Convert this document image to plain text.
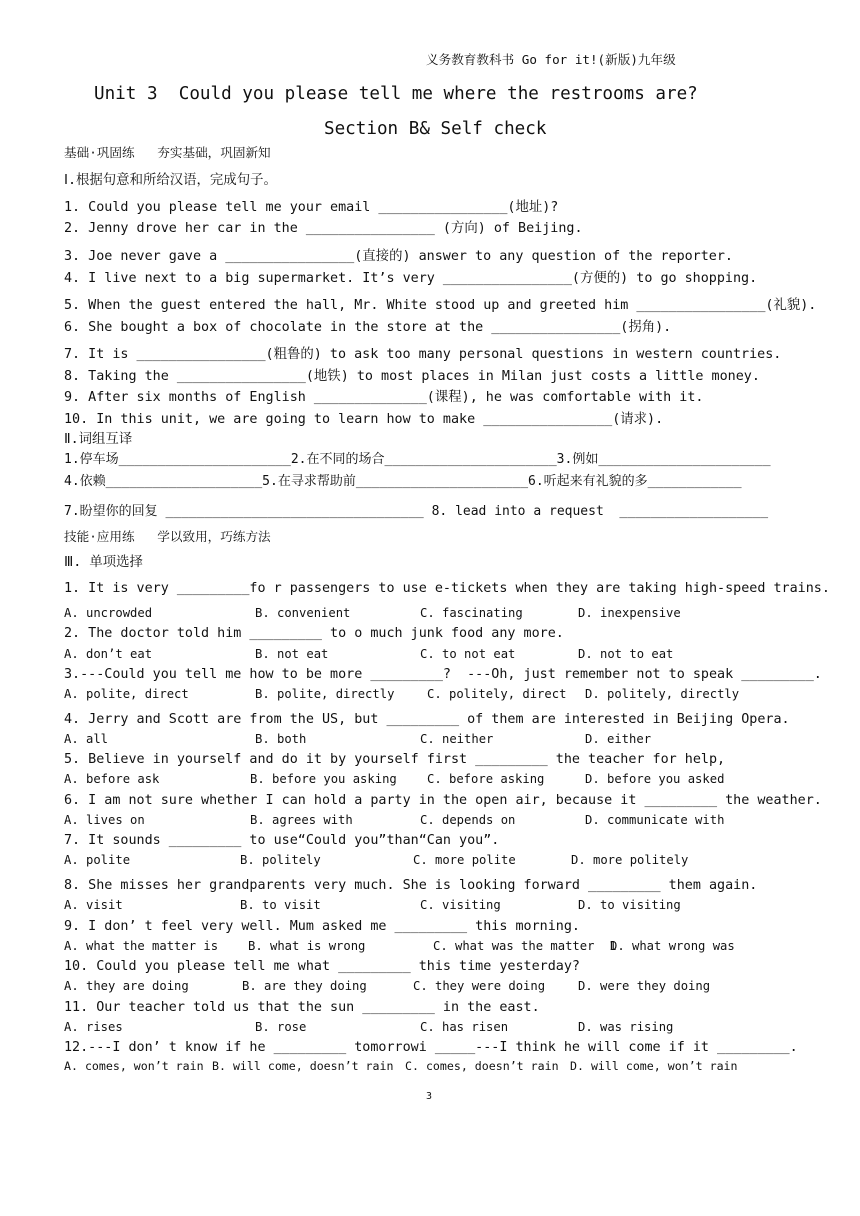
义务教育教科书 Go for it!(新版)九年级
Unit 3  Could you please tell me where the restrooms are?
Section B& Self check
基础·巩固练   夯实基础，巩固新知
Ⅰ.根据句意和所给汉语，完成句子。
1. Could you please tell me your email ________________(地址)?
2. Jenny drove her car in the ________________ (方向) of Beijing.
3. Joe never gave a ________________(直接的) answer to any question of the reporter.
4. I live next to a big supermarket. It’s very ________________(方便的) to go shopping.
5. When the guest entered the hall, Mr. White stood up and greeted him ________________(礼貌).
6. She bought a box of chocolate in the store at the ________________(拐角).
7. It is ________________(粗鲁的) to ask too many personal questions in western countries.
8. Taking the ________________(地铁) to most places in Milan just costs a little money.
9. After six months of English ______________(课程), he was comfortable with it.
10. In this unit, we are going to learn how to make ________________(请求).
Ⅱ.词组互译
1.停车场______________________2.在不同的场合______________________3.例如______________________
4.依赖____________________5.在寻求帮助前______________________6.听起来有礼貌的多____________
7.盼望你的回复 _________________________________ 8. lead into a request  ___________________
技能·应用练   学以致用，巧练方法
Ⅲ. 单项选择
1. It is very _________fo r passengers to use e-tickets when they are taking high-speed trains.
A. uncrowded	B. convenient	C. fascinating	D. inexpensive
2. The doctor told him _________ to o much junk food any more.
A. don’t eat	B. not eat	C. to not eat	D. not to eat
3.---Could you tell me how to be more _________?  ---Oh, just remember not to speak _________.
A. polite, direct	B. polite, directly	C. politely, direct D. politely, directly
4. Jerry and Scott are from the US, but _________ of them are interested in Beijing Opera.
A. all	B. both	C. neither	D. either
5. Believe in yourself and do it by yourself first _________ the teacher for help,
A. before ask	B. before you asking C. before asking	D. before you asked
6. I am not sure whether I can hold a party in the open air, because it _________ the weather.
A. lives on	B. agrees with	C. depends on	D. communicate with
7. It sounds _________ to use“Could you”than“Can you”.
A. polite	B. politely	C. more polite	D. more politely
8. She misses her grandparents very much. She is looking forward _________ them again.
A. visit	B. to visit	C. visiting	D. to visiting
9. I don’ t feel very well. Mum asked me _________ this morning.
A. what the matter is B. what is wrong	C. what was the matter  1
D. what wrong was
10. Could you please tell me what _________ this time yesterday?
A. they are doing	B. are they doing	C. they were doing	D. were they doing
11. Our teacher told us that the sun _________ in the east.
A. rises	B. rose	C. has risen	D. was rising
12.---I don’ t know if he _________ tomorrowi _____---I think he will come if it _________.
A. comes, won’t rain B. will come, doesn’t rain C. comes, doesn’t rain D. will come, won’t rain
3
